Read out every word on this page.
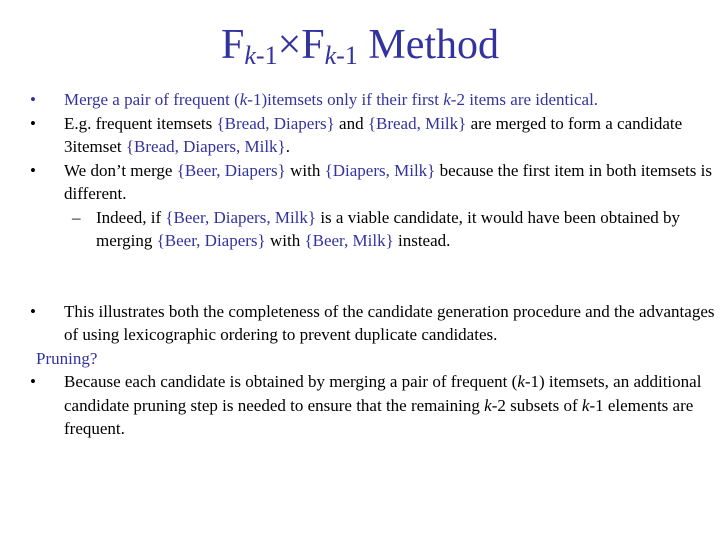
$F_{k-1}\times F_{k-1}$ Method
• Merge a pair of frequent (k-1)itemsets only if their first k-2 items are identical.
• E.g. frequent itemsets {Bread, Diapers} and {Bread, Milk} are merged to form a candidate 3itemset {Bread, Diapers, Milk}.
• We don’t merge {Beer, Diapers} with {Diapers, Milk} because the first item in both itemsets is different.
– Indeed, if {Beer, Diapers, Milk} is a viable candidate, it would have been obtained by merging {Beer, Diapers} with {Beer, Milk} instead.
• This illustrates both the completeness of the candidate generation procedure and the advantages of using lexicographic ordering to prevent duplicate candidates.
Pruning?
• Because each candidate is obtained by merging a pair of frequent (k-1) itemsets, an additional candidate pruning step is needed to ensure that the remaining k-2 subsets of k-1 elements are frequent.
